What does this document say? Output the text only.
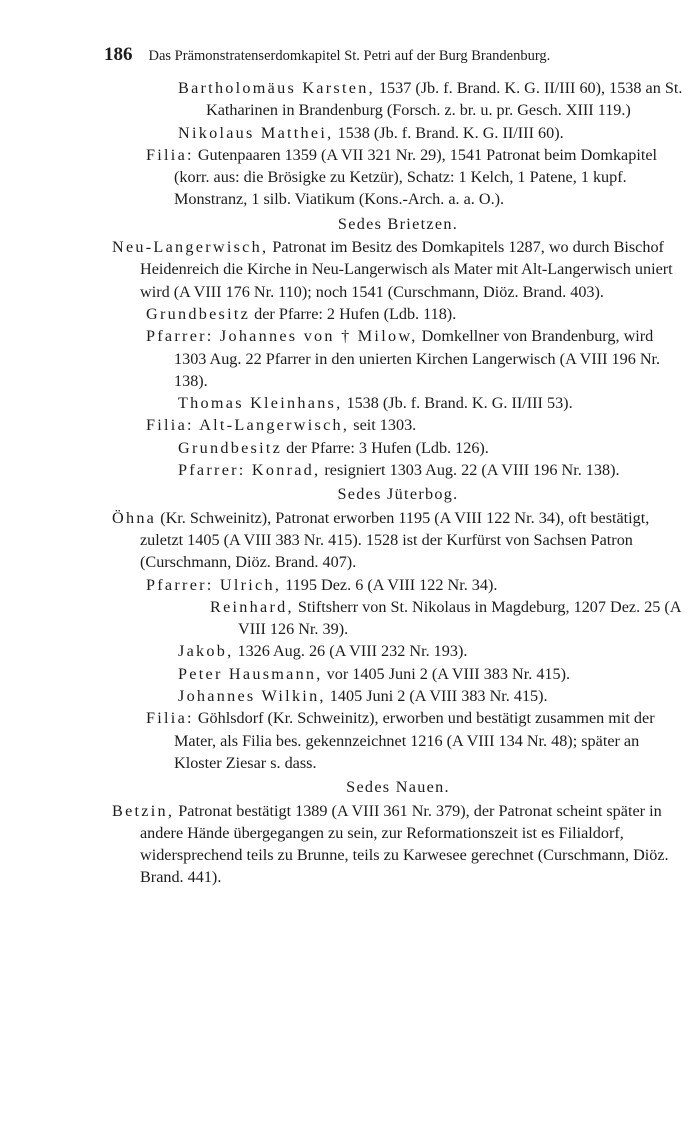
186 Das Prämonstratenserdomkapitel St. Petri auf der Burg Brandenburg.

Bartholomäus Karsten, 1537 (Jb. f. Brand. K. G. II/III 60), 1538 an St. Katharinen in Brandenburg (Forsch. z. br. u. pr. Gesch. XIII 119.)

Nikolaus Matthei, 1538 (Jb. f. Brand. K. G. II/III 60).

Filia: Gutenpaaren 1359 (A VII 321 Nr. 29), 1541 Patronat beim Domkapitel (korr. aus: die Brösigke zu Ketzür), Schatz: 1 Kelch, 1 Patene, 1 kupf. Monstranz, 1 silb. Viatikum (Kons.-Arch. a. a. O.).

Sedes Brietzen.

Neu-Langerwisch, Patronat im Besitz des Domkapitels 1287, wo durch Bischof Heidenreich die Kirche in Neu-Langerwisch als Mater mit Alt-Langerwisch uniert wird (A VIII 176 Nr. 110); noch 1541 (Curschmann, Diöz. Brand. 403).

Grundbesitz der Pfarre: 2 Hufen (Ldb. 118).

Pfarrer: Johannes von † Milow, Domkellner von Brandenburg, wird 1303 Aug. 22 Pfarrer in den unierten Kirchen Langerwisch (A VIII 196 Nr. 138).

Thomas Kleinhans, 1538 (Jb. f. Brand. K. G. II/III 53).

Filia: Alt-Langerwisch, seit 1303.

Grundbesitz der Pfarre: 3 Hufen (Ldb. 126).

Pfarrer: Konrad, resigniert 1303 Aug. 22 (A VIII 196 Nr. 138).

Sedes Jüterbog.

Öhna (Kr. Schweinitz), Patronat erworben 1195 (A VIII 122 Nr. 34), oft bestätigt, zuletzt 1405 (A VIII 383 Nr. 415). 1528 ist der Kurfürst von Sachsen Patron (Curschmann, Diöz. Brand. 407).

Pfarrer: Ulrich, 1195 Dez. 6 (A VIII 122 Nr. 34).

Reinhard, Stiftsherr von St. Nikolaus in Magdeburg, 1207 Dez. 25 (A VIII 126 Nr. 39).

Jakob, 1326 Aug. 26 (A VIII 232 Nr. 193).

Peter Hausmann, vor 1405 Juni 2 (A VIII 383 Nr. 415).

Johannes Wilkin, 1405 Juni 2 (A VIII 383 Nr. 415).

Filia: Göhlsdorf (Kr. Schweinitz), erworben und bestätigt zusammen mit der Mater, als Filia bes. gekennzeichnet 1216 (A VIII 134 Nr. 48); später an Kloster Ziesar s. dass.

Sedes Nauen.

Betzin, Patronat bestätigt 1389 (A VIII 361 Nr. 379), der Patronat scheint später in andere Hände übergegangen zu sein, zur Reformationszeit ist es Filialdorf, widersprechend teils zu Brunne, teils zu Karwesee gerechnet (Curschmann, Diöz. Brand. 441).
